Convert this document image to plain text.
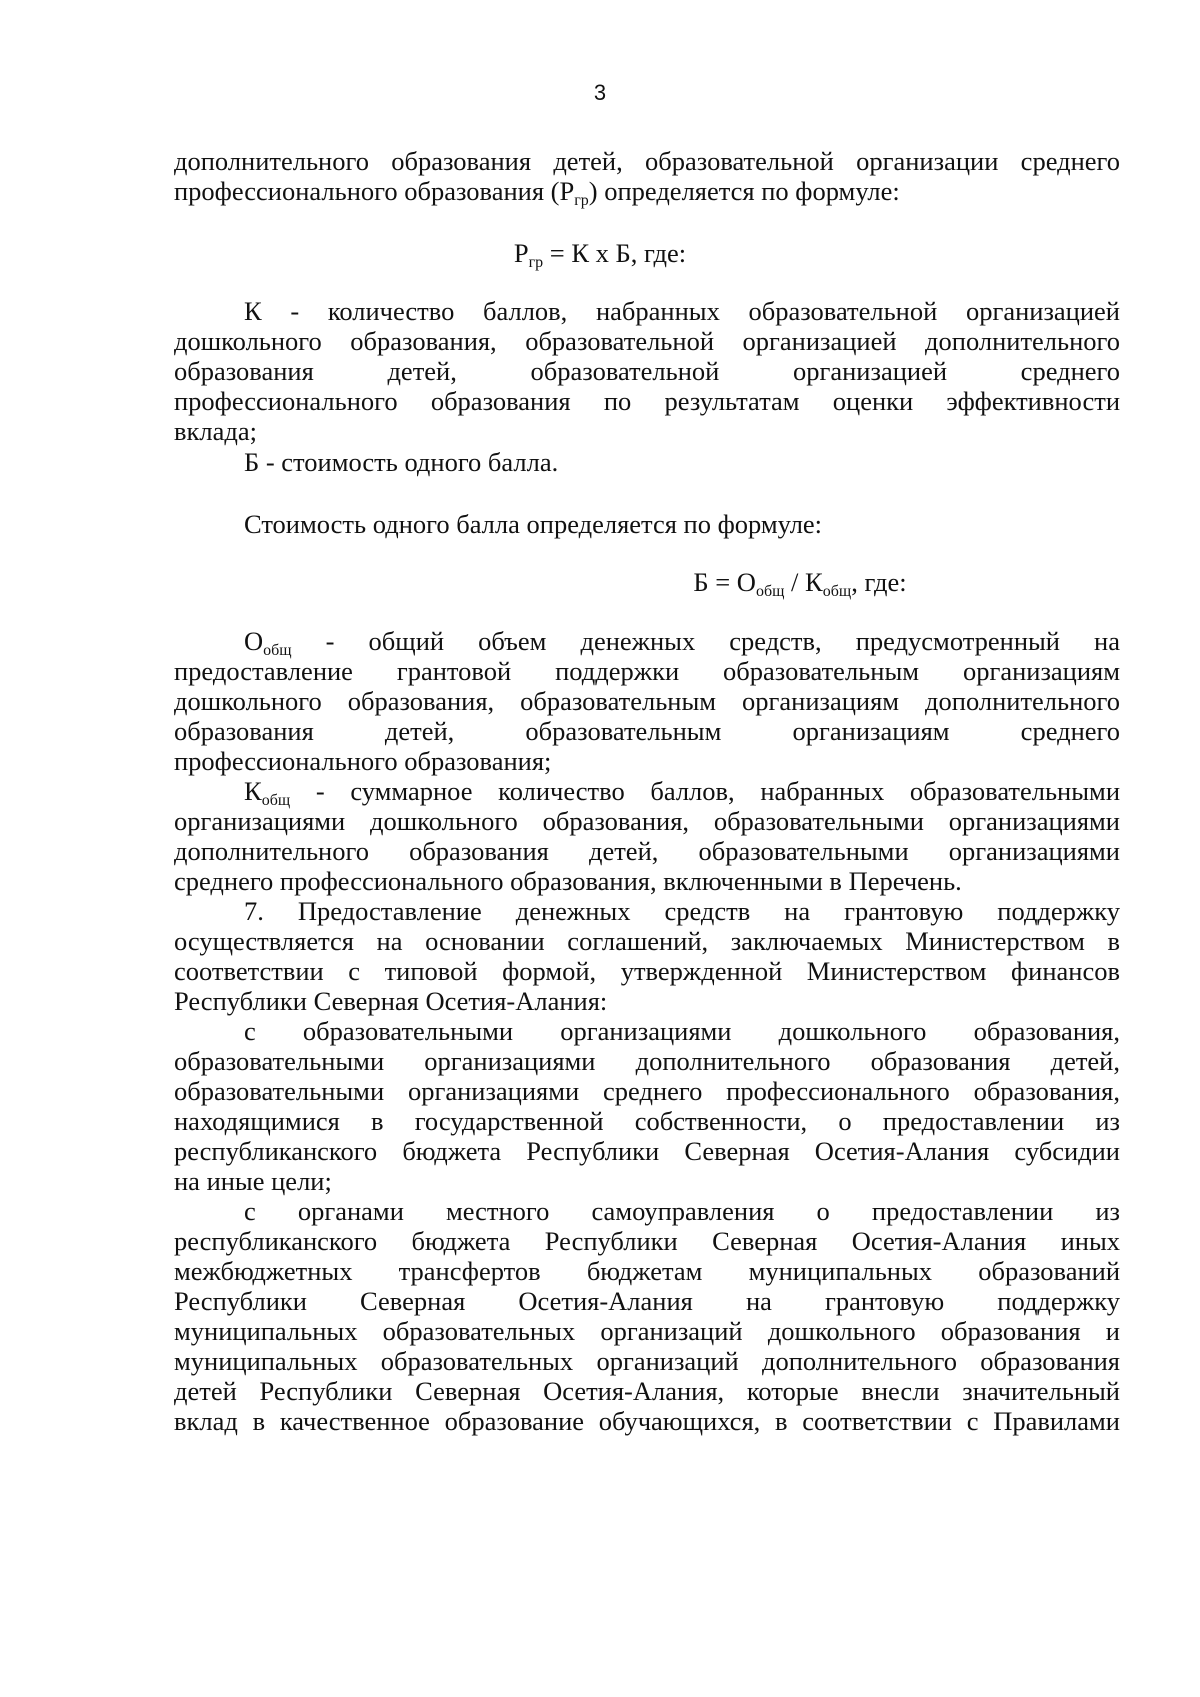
3
дополнительного образования детей, образовательной организации среднего
профессионального образования $(Р_{гр})$ определяется по формуле:
$Р_{гр} = К$ х Б, где:
К - количество баллов, набранных образовательной организацией
дошкольного образования, образовательной организацией дополнительного
образования детей, образовательной организацией среднего
профессионального образования по результатам оценки эффективности
вклада;
Б - стоимость одного балла.
Стоимость одного балла определяется по формуле:
$Б = О_{общ} / К_{общ}$, где:
$О_{общ}$ - общий объем денежных средств, предусмотренный на
предоставление грантовой поддержки образовательным организациям
дошкольного образования, образовательным организациям дополнительного
образования детей, образовательным организациям среднего
профессионального образования;
$К_{общ}$ - суммарное количество баллов, набранных образовательными
организациями дошкольного образования, образовательными организациями
дополнительного образования детей, образовательными организациями
среднего профессионального образования, включенными в Перечень.
7. Предоставление денежных средств на грантовую поддержку
осуществляется на основании соглашений, заключаемых Министерством в
соответствии с типовой формой, утвержденной Министерством финансов
Республики Северная Осетия-Алания:
с образовательными организациями дошкольного образования,
образовательными организациями дополнительного образования детей,
образовательными организациями среднего профессионального образования,
находящимися в государственной собственности, о предоставлении из
республиканского бюджета Республики Северная Осетия-Алания субсидии
на иные цели;
с органами местного самоуправления о предоставлении из
республиканского бюджета Республики Северная Осетия-Алания иных
межбюджетных трансфертов бюджетам муниципальных образований
Республики Северная Осетия-Алания на грантовую поддержку
муниципальных образовательных организаций дошкольного образования и
муниципальных образовательных организаций дополнительного образования
детей Республики Северная Осетия-Алания, которые внесли значительный
вклад в качественное образование обучающихся, в соответствии с Правилами
